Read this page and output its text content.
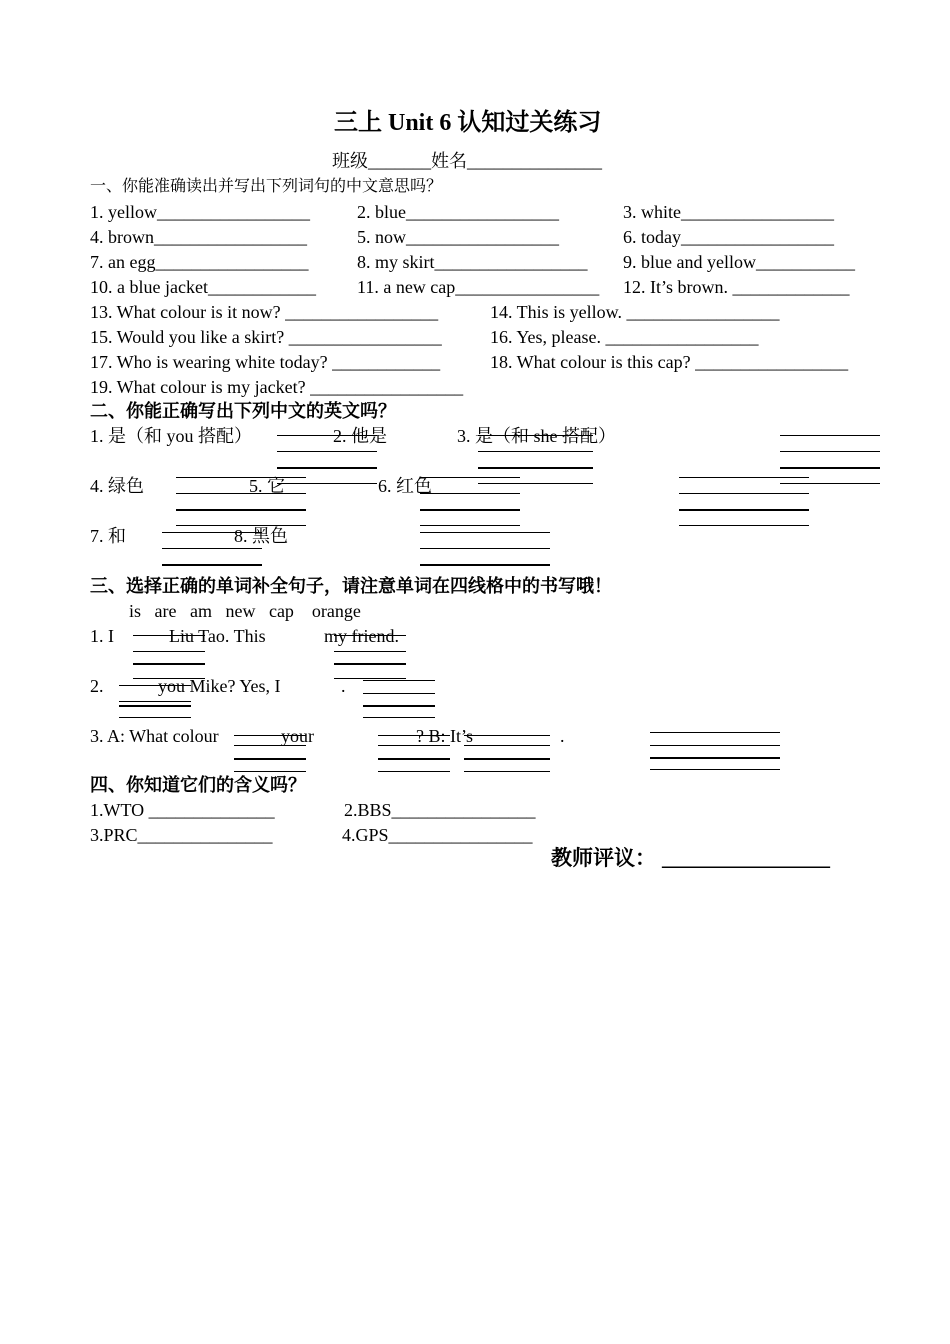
三上 Unit 6 认知过关练习
班级_______姓名_______________
一、你能准确读出并写出下列词句的中文意思吗？
1. yellow_________________	2. blue_________________	3. white_________________
4. brown_________________	5. now_________________	6. today_________________
7. an egg_________________	8. my skirt_________________ 9. blue and yellow___________
10. a blue jacket____________ 11. a new cap________________ 12. It’s brown. _____________
13. What colour is it now? _________________	14. This is yellow. _________________
15. Would you like a skirt? _________________	16. Yes, please. _________________
17. Who is wearing white today? ____________	18. What colour is this cap? _________________
19. What colour is my jacket? _________________
二、你能正确写出下列中文的英文吗？
1. 是（和 you 搭配）	2. 他是	3. 是（和 she 搭配）
4. 绿色	5. 它	6. 红色
7. 和	8. 黑色
三、选择正确的单词补全句子，请注意单词在四线格中的书写哦！
is   are   am   new   cap    orange
1. I	Liu Tao. This	my friend.
2.	you Mike? Yes, I	.
3. A: What colour	your	? B: It’s	.
四、你知道它们的含义吗？
1.WTO ______________	2.BBS________________
3.PRC_______________	4.GPS________________
教师评议： ________________
